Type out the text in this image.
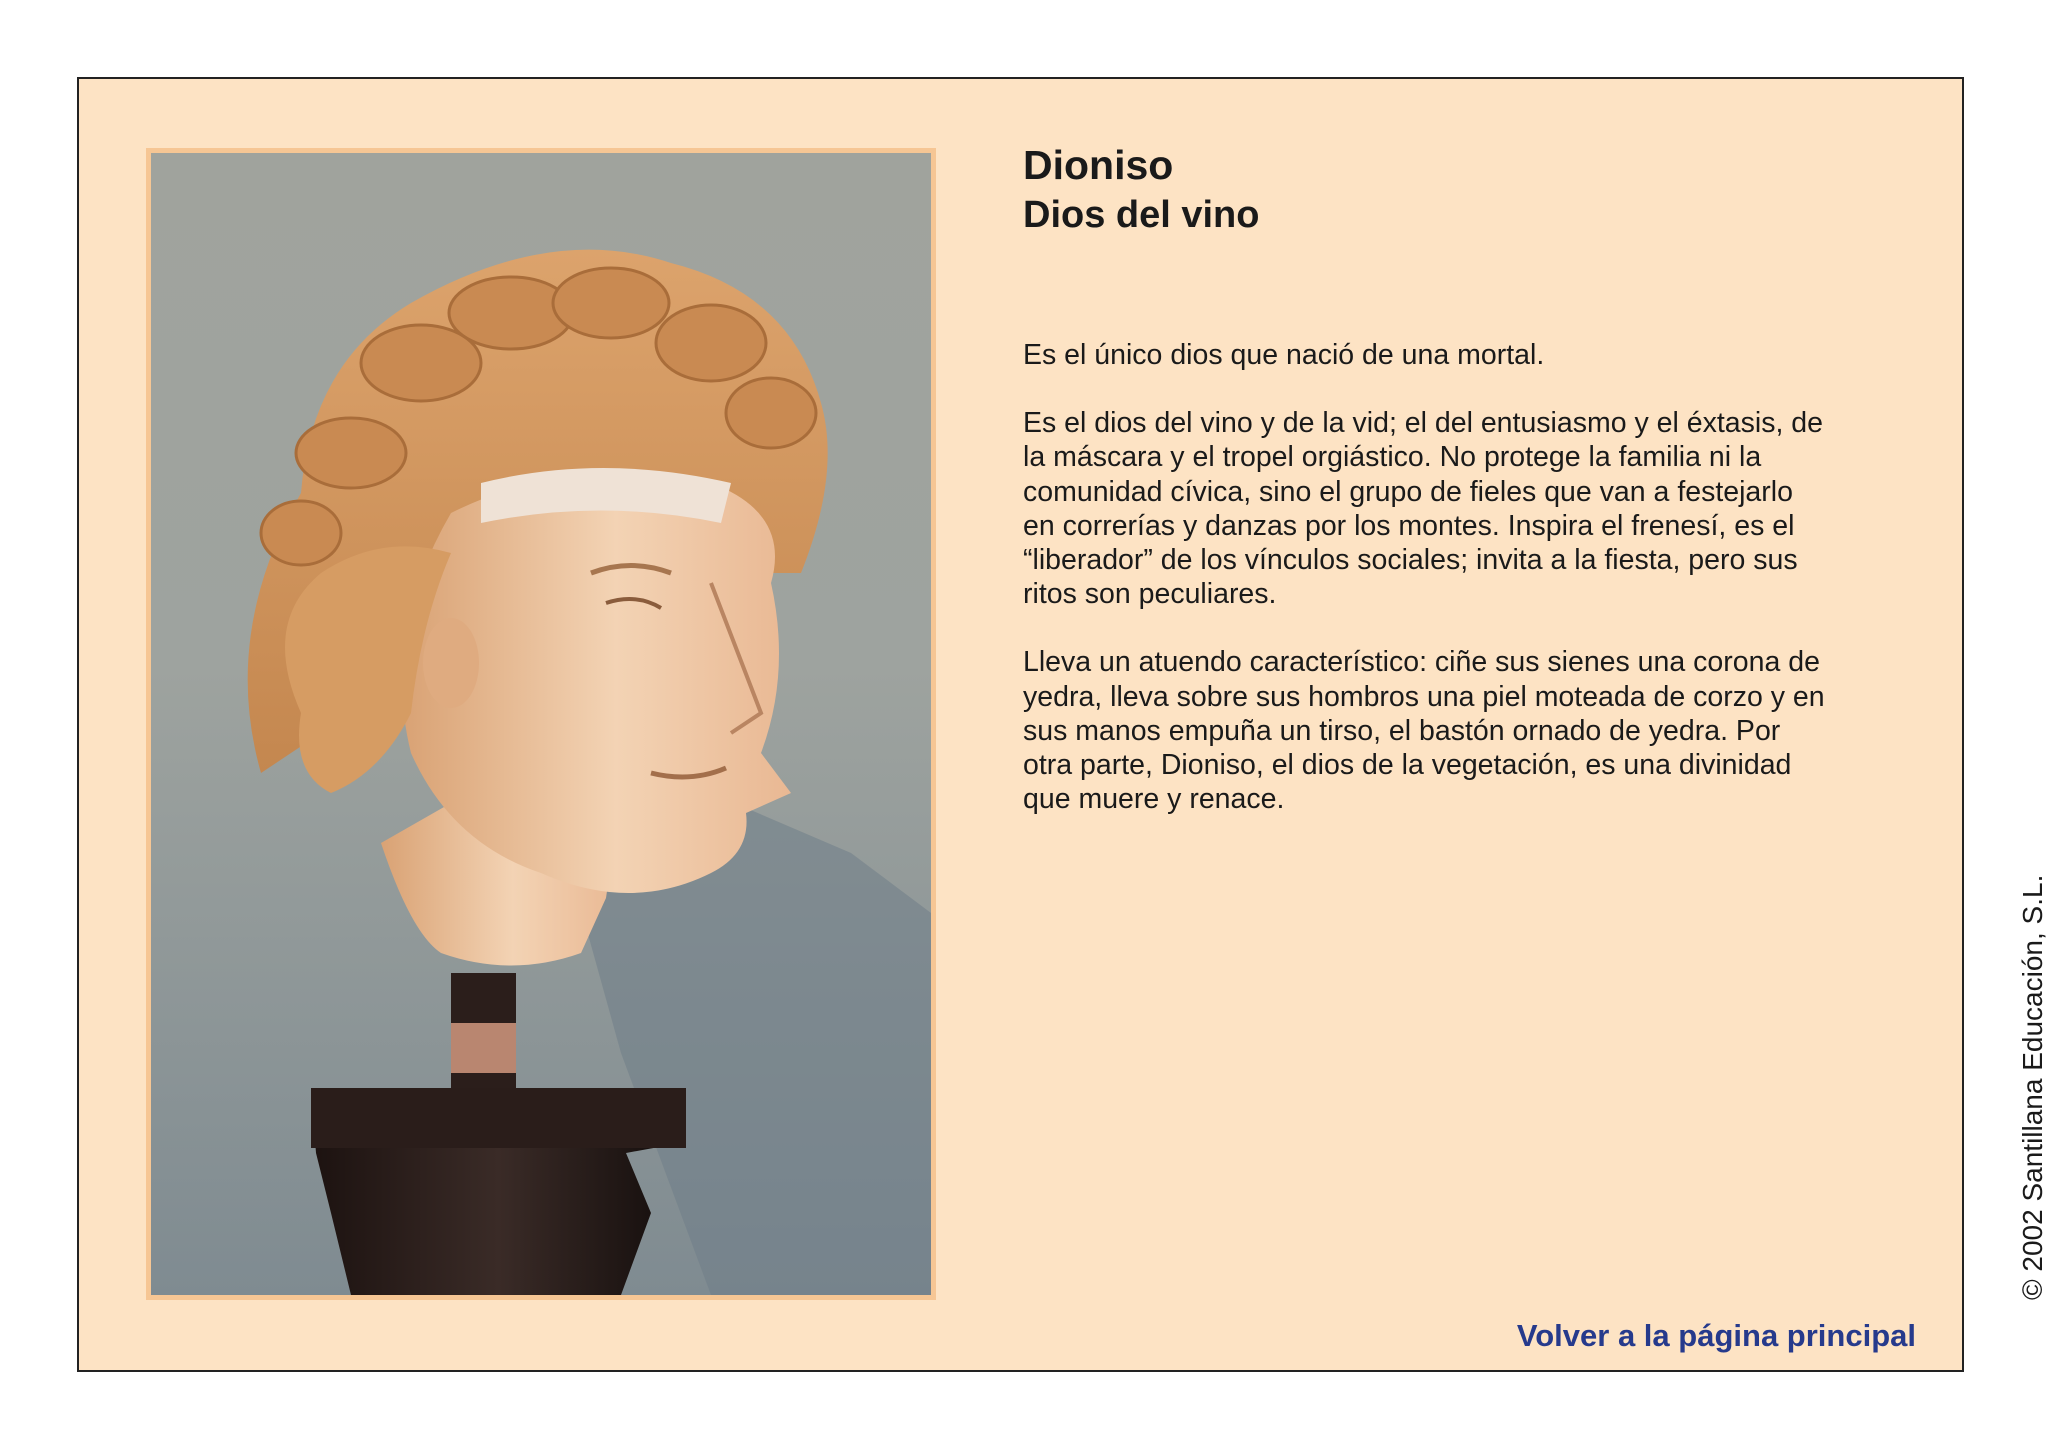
Dioniso
Dios del vino

Es el único dios que nació de una mortal.

Es el dios del vino y de la vid; el del entusiasmo y el éxtasis, de
la máscara y el tropel orgiástico. No protege la familia ni la
comunidad cívica, sino el grupo de fieles que van a festejarlo
en correrías y danzas por los montes. Inspira el frenesí, es el
“liberador” de los vínculos sociales; invita a la fiesta, pero sus
ritos son peculiares.

Lleva un atuendo característico: ciñe sus sienes una corona de
yedra, lleva sobre sus hombros una piel moteada de corzo y en
sus manos empuña un tirso, el bastón ornado de yedra. Por
otra parte, Dioniso, el dios de la vegetación, es una divinidad
que muere y renace.

Volver a la página principal
© 2002 Santillana Educación, S.L.
